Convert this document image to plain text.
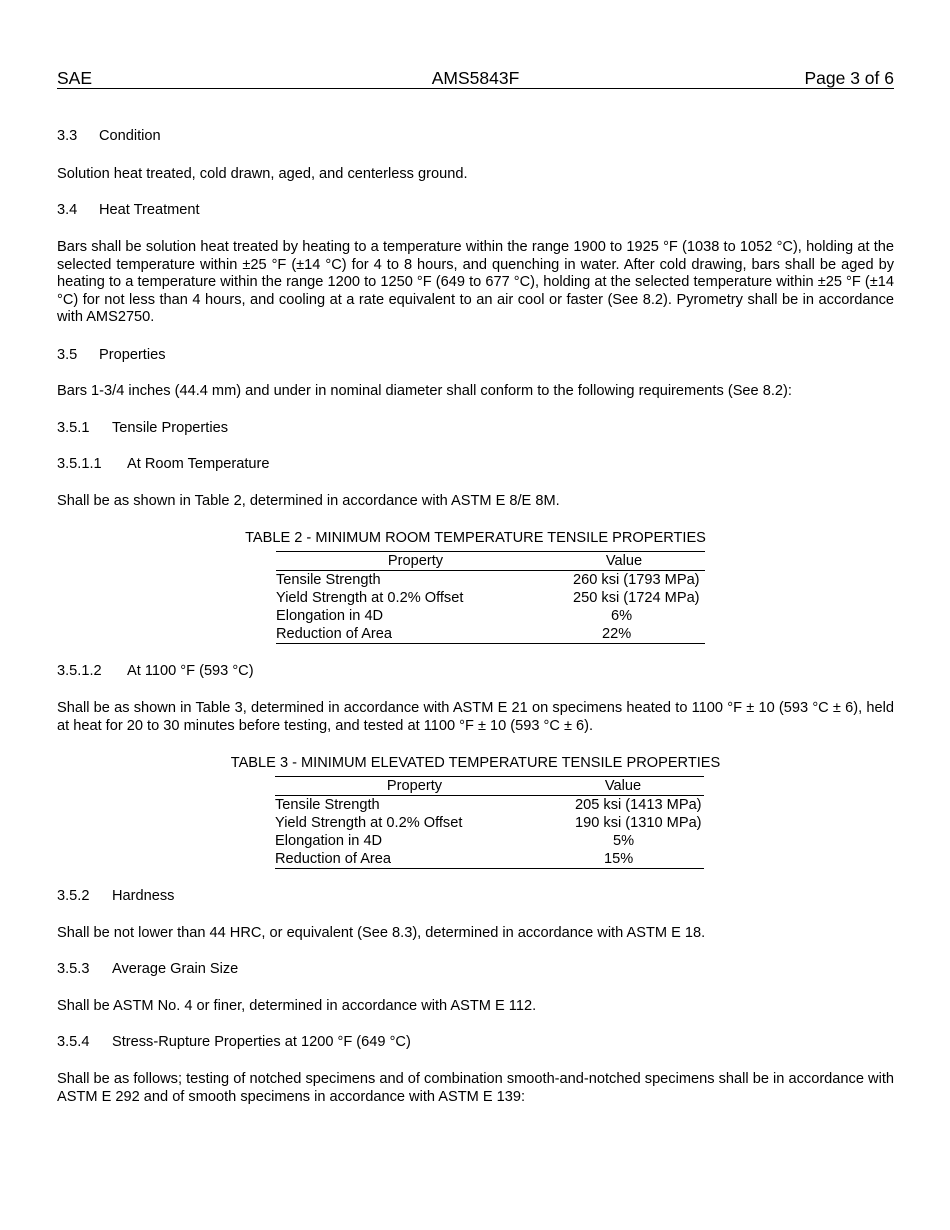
SAE	AMS5843F	Page 3 of 6
3.3 Condition
Solution heat treated, cold drawn, aged, and centerless ground.
3.4 Heat Treatment
Bars shall be solution heat treated by heating to a temperature within the range 1900 to 1925 °F (1038 to 1052 °C), holding at the selected temperature within ±25 °F (±14 °C) for 4 to 8 hours, and quenching in water. After cold drawing, bars shall be aged by heating to a temperature within the range 1200 to 1250 °F (649 to 677 °C), holding at the selected temperature within ±25 °F (±14 °C) for not less than 4 hours, and cooling at a rate equivalent to an air cool or faster (See 8.2). Pyrometry shall be in accordance with AMS2750.
3.5 Properties
Bars 1-3/4 inches (44.4 mm) and under in nominal diameter shall conform to the following requirements (See 8.2):
3.5.1 Tensile Properties
3.5.1.1 At Room Temperature
Shall be as shown in Table 2, determined in accordance with ASTM E 8/E 8M.
TABLE 2 - MINIMUM ROOM TEMPERATURE TENSILE PROPERTIES
Property	Value
Tensile Strength	260 ksi (1793 MPa)
Yield Strength at 0.2% Offset	250 ksi (1724 MPa)
Elongation in 4D	6%
Reduction of Area	22%
3.5.1.2 At 1100 °F (593 °C)
Shall be as shown in Table 3, determined in accordance with ASTM E 21 on specimens heated to 1100 °F ± 10 (593 °C ± 6), held at heat for 20 to 30 minutes before testing, and tested at 1100 °F ± 10 (593 °C ± 6).
TABLE 3 - MINIMUM ELEVATED TEMPERATURE TENSILE PROPERTIES
Property	Value
Tensile Strength	205 ksi (1413 MPa)
Yield Strength at 0.2% Offset	190 ksi (1310 MPa)
Elongation in 4D	5%
Reduction of Area	15%
3.5.2 Hardness
Shall be not lower than 44 HRC, or equivalent (See 8.3), determined in accordance with ASTM E 18.
3.5.3 Average Grain Size
Shall be ASTM No. 4 or finer, determined in accordance with ASTM E 112.
3.5.4 Stress-Rupture Properties at 1200 °F (649 °C)
Shall be as follows; testing of notched specimens and of combination smooth-and-notched specimens shall be in accordance with ASTM E 292 and of smooth specimens in accordance with ASTM E 139:
